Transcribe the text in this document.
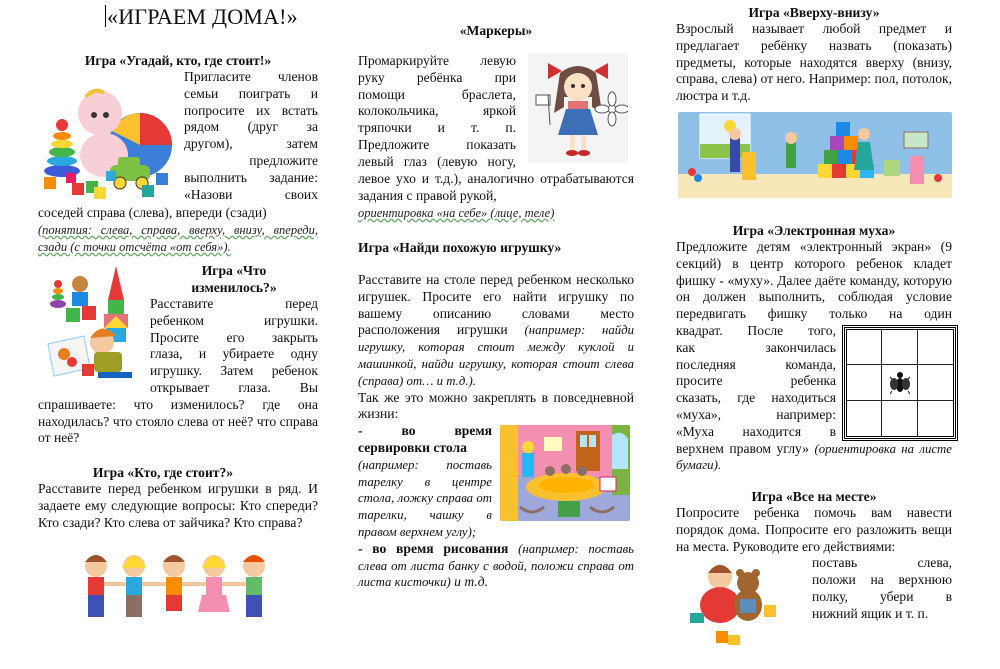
«ИГРАЕМ ДОМА!»

Игра «Угадай, кто, где стоит!»

Пригласите членов

семьи поиграть и

попросите их встать

рядом (друг за

другом), затем

предложите

выполнить задание:

«Назови своих

соседей справа (слева), впереди (сзади)

(понятия: слева, справа, вверху, внизу, впереди, сзади (с точки отсчёта «от себя»).

Игра «Что

изменилось?»

Расставите перед

ребенком игрушки.

Просите его закрыть

глаза, и убираете одну

игрушку. Затем ребенок

открывает глаза. Вы

спрашиваете: что изменилось? где она находилась? что стояло слева от неё? что справа от неё?

Игра «Кто, где стоит?»

Расставите перед ребенком игрушки в ряд. И задаете ему следующие вопросы: Кто спереди? Кто сзади? Кто слева от зайчика? Кто справа?

«Маркеры»

Промаркируйте левую

руку ребёнка при

помощи браслета,

колокольчика, яркой

тряпочки и т. п.

Предложите показать

левый глаз (левую ногу,

левое ухо и т.д.), аналогично отрабатываются задания с правой рукой,

ориентировка «на себе» (лице, теле)

Игра «Найди похожую игрушку»

Расставите на столе перед ребенком несколько игрушек. Просите его найти игрушку по вашему описанию словами место расположения игрушки (например: найди игрушку, которая стоит между куклой и машинкой, найди игрушку, которая стоит слева (справа) от… и т.д.).

Так же это можно закреплять в повседневной жизни:

- во время сервировки стола

(например: поставь тарелку в центре стола, ложку справа от тарелки, чашку в правом верхнем углу);

- во время рисования (например: поставь слева от листа банку с водой, положи справа от листа кисточки) и т.д.

Игра «Вверху-внизу»

Взрослый называет любой предмет и предлагает ребёнку назвать (показать) предметы, которые находятся вверху (внизу, справа, слева) от него. Например: пол, потолок, люстра и т.д.

Игра «Электронная муха»

Предложите детям «электронный экран» (9 секций) в центр которого ребенок кладет фишку - «муху». Далее даёте команду, которую он должен выполнить, соблюдая условие передвигать фишку только на один

квадрат. После того,

как закончилась

последняя команда,

просите ребенка

сказать, где находиться

«муха», например:

«Муха находится в

верхнем правом углу» (ориентировка на листе бумаги).

Игра «Все на месте»

Попросите ребенка помочь вам навести порядок дома. Попросите его разложить вещи на места. Руководите его действиями:

поставь слева,

положи на верхнюю

полку, убери в

нижний ящик и т. п.
